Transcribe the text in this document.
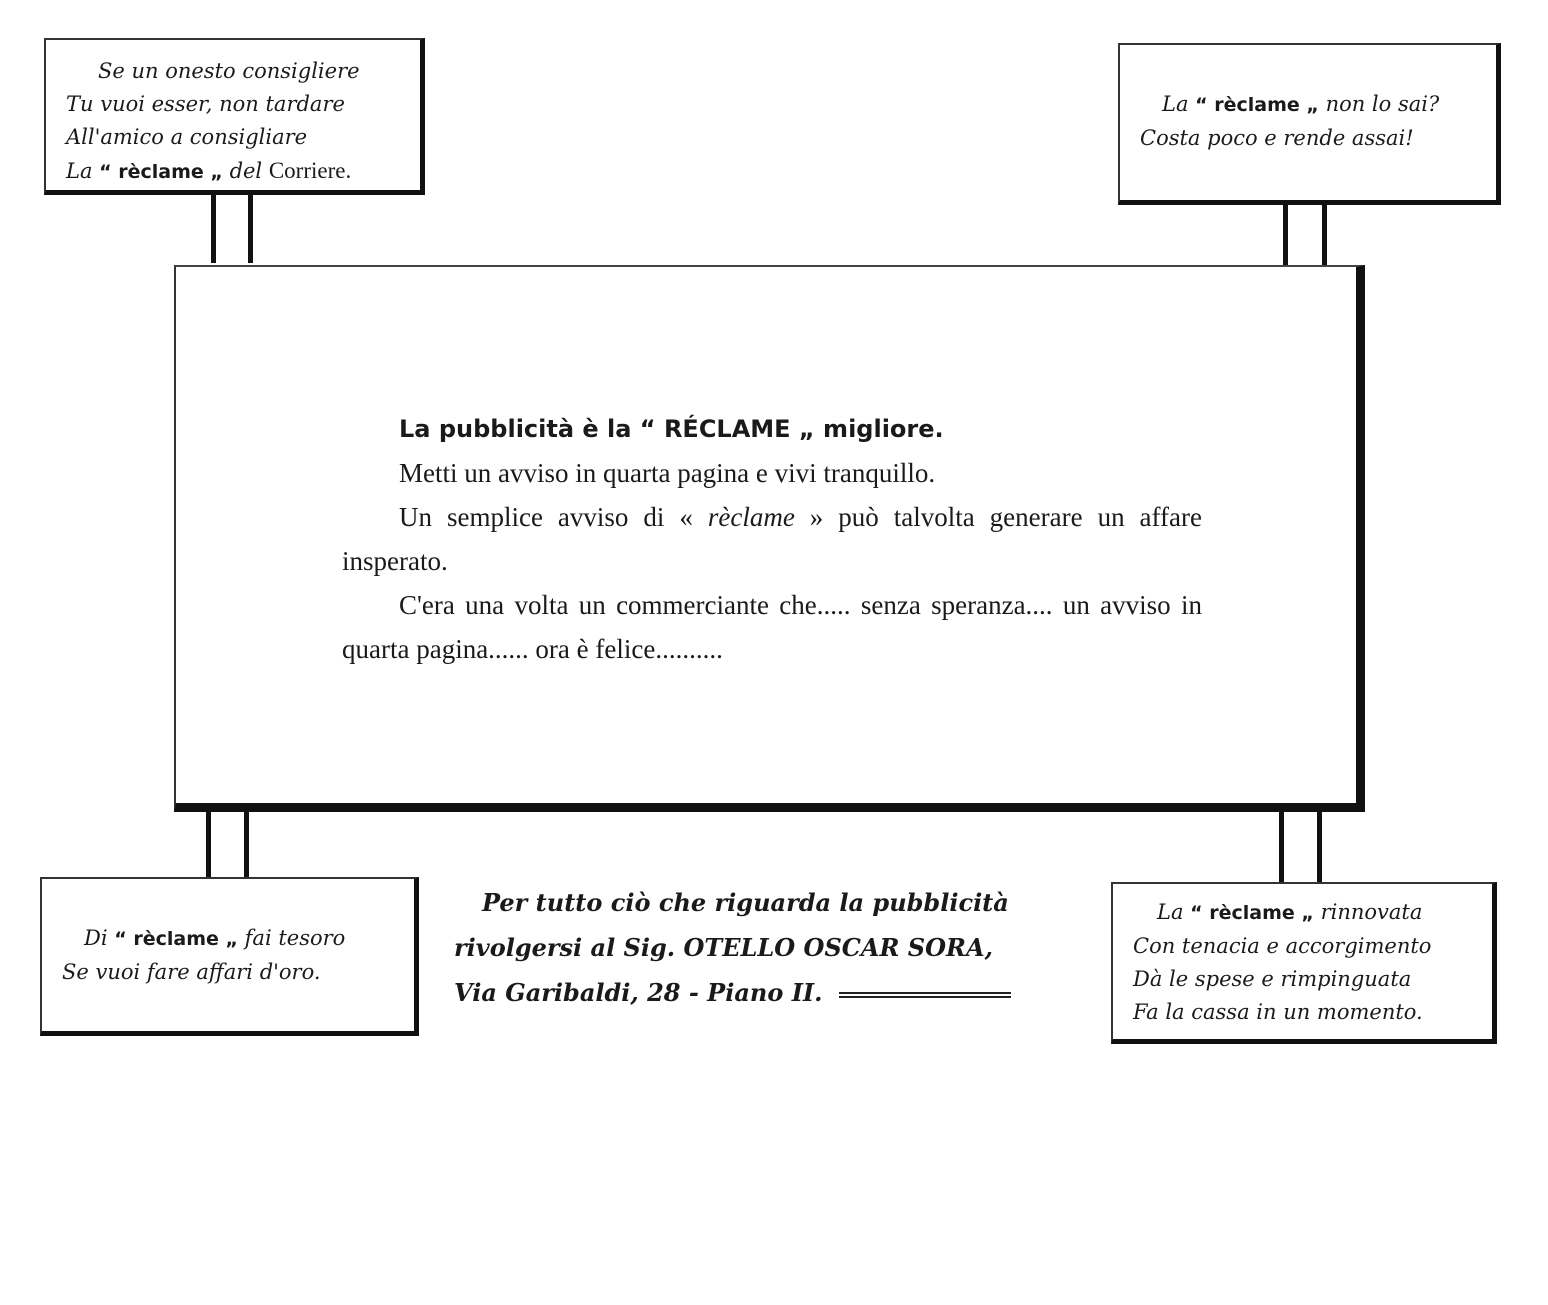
Se un onesto consigliere
Tu vuoi esser, non tardare
All'amico a consigliare
La “ rèclame „ del Corriere.
La “ rèclame „ non lo sai?
Costa poco e rende assai!

La pubblicità è la “ RÉCLAME „ migliore.

Metti un avviso in quarta pagina e vivi tranquillo.

Un semplice avviso di « rèclame » può talvolta generare un affare insperato.

C'era una volta un commerciante che..... senza speranza.... un avviso in quarta pagina...... ora è felice..........

Di “ rèclame „ fai tesoro
Se vuoi fare affari d'oro.
Per tutto ciò che riguarda la pubblicità
rivolgersi al Sig. OTELLO OSCAR SORA,
Via Garibaldi, 28 - Piano II.
La “ rèclame „ rinnovata
Con tenacia e accorgimento
Dà le spese e rimpinguata
Fa la cassa in un momento.
